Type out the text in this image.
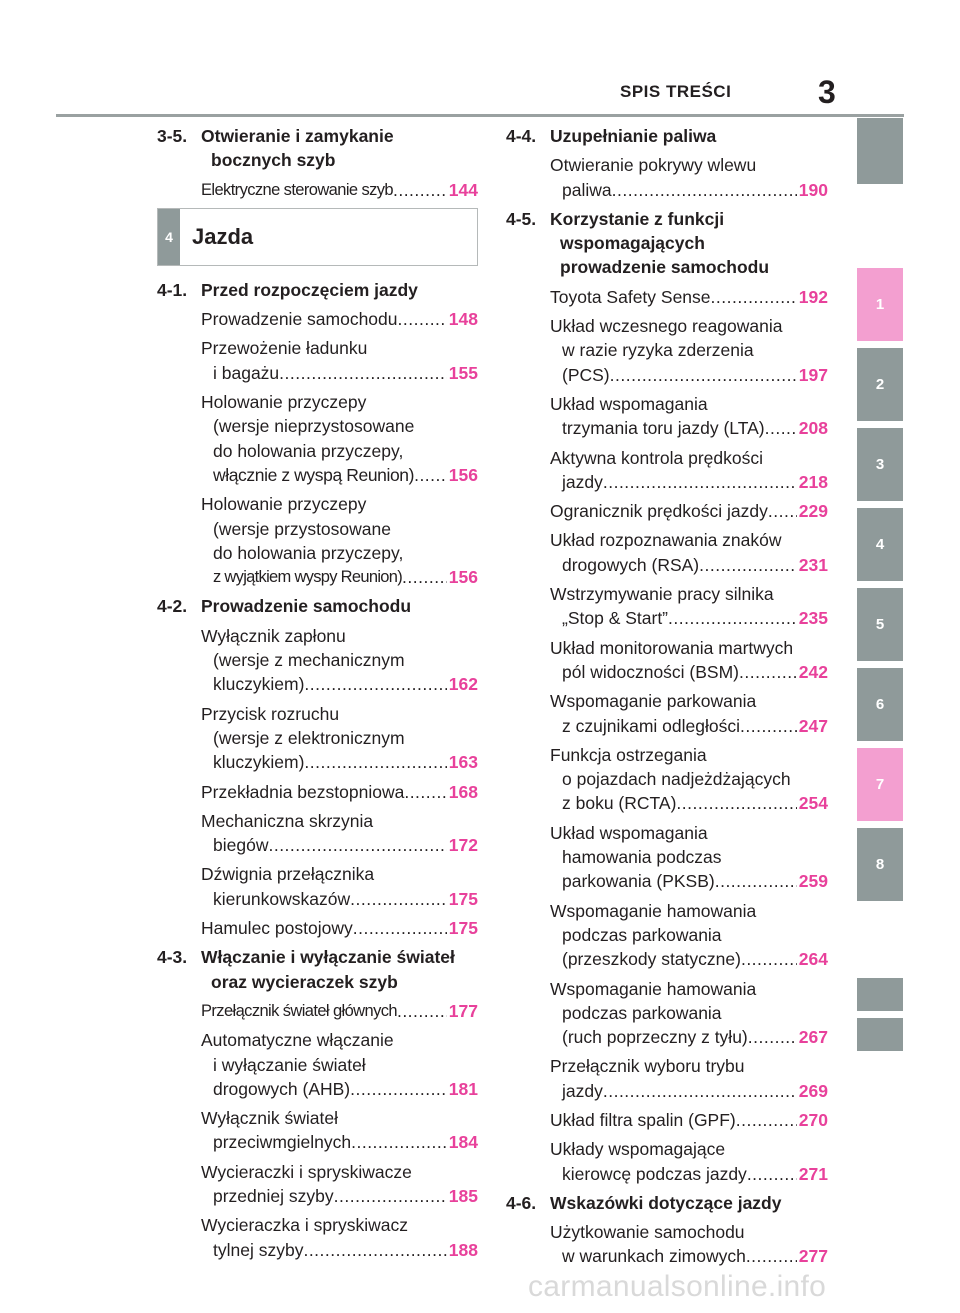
SPIS TREŚCI	3
3-5. Otwieranie i zamykanie
bocznych szyb
Elektryczne sterowanie szyb .....	144
4 Jazda
4-1. Przed rozpoczęciem jazdy
Prowadzenie samochodu .....	148
Przewożenie ładunku
i bagażu .....	155
Holowanie przyczepy
(wersje nieprzystosowane
do holowania przyczepy,
włącznie z wyspą Reunion) ..... 156
Holowanie przyczepy
(wersje przystosowane
do holowania przyczepy,
z wyjątkiem wyspy Reunion) .....	156
4-2. Prowadzenie samochodu
Wyłącznik zapłonu
(wersje z mechanicznym
kluczykiem) .....	162
Przycisk rozruchu
(wersje z elektronicznym
kluczykiem) .....	163
Przekładnia bezstopniowa .....	168
Mechaniczna skrzynia
biegów .....	172
Dźwignia przełącznika
kierunkowskazów .....	175
Hamulec postojowy .....	175
4-3. Włączanie i wyłączanie świateł
oraz wycieraczek szyb
Przełącznik świateł głównych .....	177
Automatyczne włączanie
i wyłączanie świateł
drogowych (AHB) .....	181
Wyłącznik świateł
przeciwmgielnych .....	184
Wycieraczki i spryskiwacze
przedniej szyby .....	185
Wycieraczka i spryskiwacz
tylnej szyby .....	188
4-4. Uzupełnianie paliwa
Otwieranie pokrywy wlewu
paliwa .....	190
4-5. Korzystanie z funkcji
wspomagających
prowadzenie samochodu
Toyota Safety Sense .....	192
Układ wczesnego reagowania
w razie ryzyka zderzenia
(PCS) .....	197
Układ wspomagania
trzymania toru jazdy (LTA) ..... 208
Aktywna kontrola prędkości
jazdy .....	218
Ogranicznik prędkości jazdy ..... 229
Układ rozpoznawania znaków
drogowych (RSA) .....	231
Wstrzymywanie pracy silnika
„Stop & Start” .....	235
Układ monitorowania martwych
pól widoczności (BSM) .....	242
Wspomaganie parkowania
z czujnikami odległości .....	247
Funkcja ostrzegania
o pojazdach nadjeżdżających
z boku (RCTA) .....	254
Układ wspomagania
hamowania podczas
parkowania (PKSB) .....	259
Wspomaganie hamowania
podczas parkowania
(przeszkody statyczne) .....	264
Wspomaganie hamowania
podczas parkowania
(ruch poprzeczny z tyłu) .....	267
Przełącznik wyboru trybu
jazdy .....	269
Układ filtra spalin (GPF) .....	270
Układy wspomagające
kierowcę podczas jazdy .....	271
4-6. Wskazówki dotyczące jazdy
Użytkowanie samochodu
w warunkach zimowych .....	277
1
2
3
4
5
6
7
8
carmanualsonline.info
